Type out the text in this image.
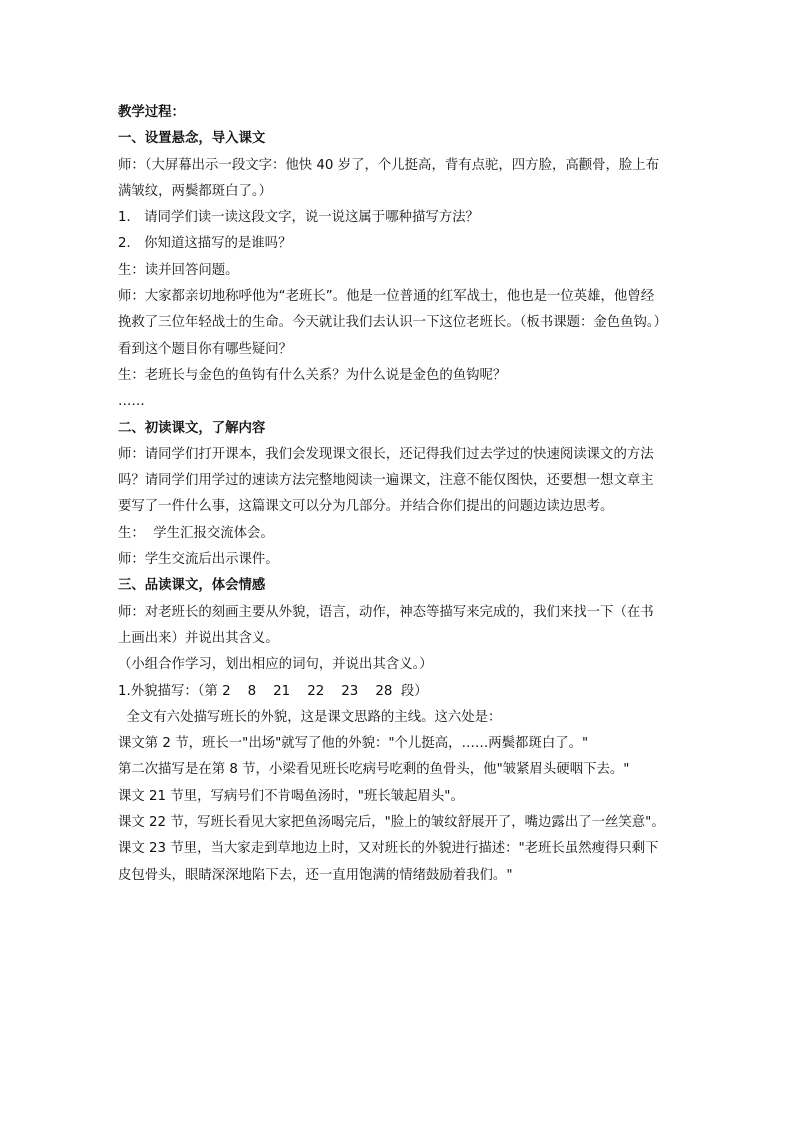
教学过程：
一、设置悬念，导入课文
师：（大屏幕出示一段文字：他快 40 岁了，个儿挺高，背有点驼，四方脸，高颧骨，脸上布
满皱纹，两鬓都斑白了。）
1． 请同学们读一读这段文字，说一说这属于哪种描写方法？
2． 你知道这描写的是谁吗？
生：读并回答问题。
师：大家都亲切地称呼他为“老班长”。他是一位普通的红军战士，他也是一位英雄，他曾经
挽救了三位年轻战士的生命。今天就让我们去认识一下这位老班长。（板书课题：金色鱼钩。）
看到这个题目你有哪些疑问？
生：老班长与金色的鱼钩有什么关系？为什么说是金色的鱼钩呢？
……
二、初读课文，了解内容
师：请同学们打开课本，我们会发现课文很长，还记得我们过去学过的快速阅读课文的方法
吗？请同学们用学过的速读方法完整地阅读一遍课文，注意不能仅图快，还要想一想文章主
要写了一件什么事，这篇课文可以分为几部分。并结合你们提出的问题边读边思考。
生：  学生汇报交流体会。
师：学生交流后出示课件。
三、品读课文，体会情感
师：对老班长的刻画主要从外貌，语言，动作，神态等描写来完成的，我们来找一下（在书
上画出来）并说出其含义。
（小组合作学习，划出相应的词句，并说出其含义。）
1.外貌描写：（第 2    8    21    22    23    28  段）
全文有六处描写班长的外貌，这是课文思路的主线。这六处是：
课文第 2 节，班长一"出场"就写了他的外貌："个儿挺高，……两鬓都斑白了。"
第二次描写是在第 8 节，小梁看见班长吃病号吃剩的鱼骨头，他"皱紧眉头硬咽下去。"
课文 21 节里，写病号们不肯喝鱼汤时，"班长皱起眉头"。
课文 22 节，写班长看见大家把鱼汤喝完后，"脸上的皱纹舒展开了，嘴边露出了一丝笑意"。
课文 23 节里，当大家走到草地边上时，又对班长的外貌进行描述："老班长虽然瘦得只剩下
皮包骨头，眼睛深深地陷下去，还一直用饱满的情绪鼓励着我们。"
